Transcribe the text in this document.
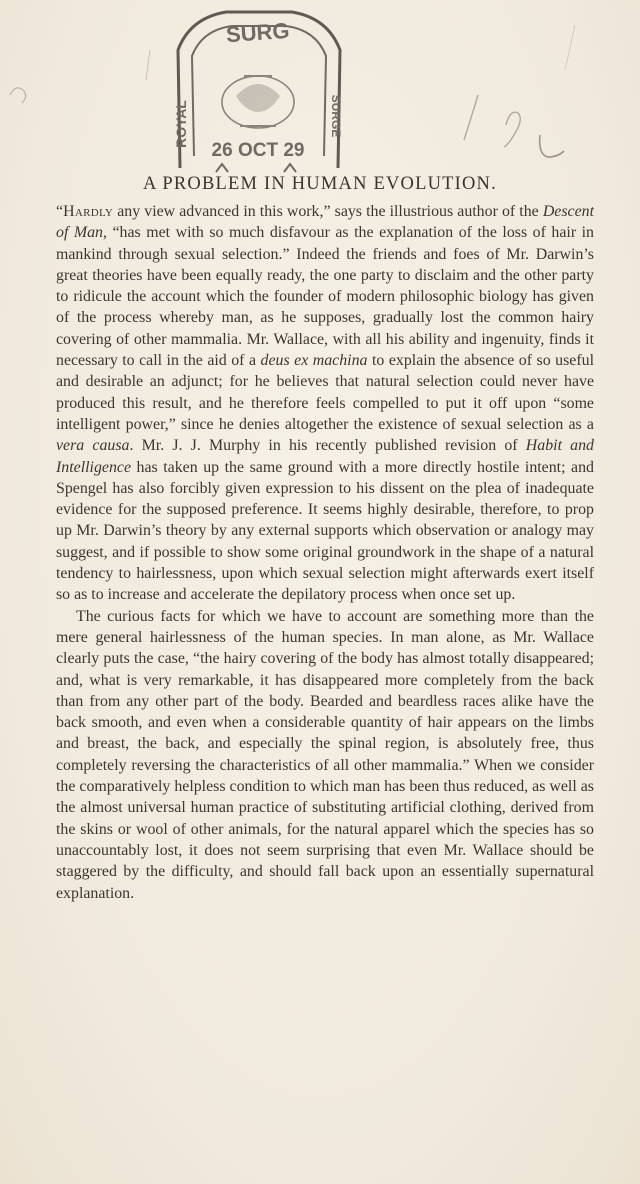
SURG
ROYAL	SURGE
26 OCT 29
A PROBLEM IN HUMAN EVOLUTION.

“Hardly any view advanced in this work,” says the illustrious author of the Descent of Man, “has met with so much disfavour as the explanation of the loss of hair in mankind through sexual selection.” Indeed the friends and foes of Mr. Darwin’s great theories have been equally ready, the one party to disclaim and the other party to ridicule the account which the founder of modern philosophic biology has given of the process whereby man, as he supposes, gradually lost the common hairy covering of other mammalia. Mr. Wallace, with all his ability and ingenuity, finds it necessary to call in the aid of a deus ex machina to explain the absence of so useful and desirable an adjunct; for he believes that natural selection could never have produced this result, and he therefore feels compelled to put it off upon “some intelligent power,” since he denies altogether the existence of sexual selection as a vera causa. Mr. J. J. Murphy in his recently published revision of Habit and Intelligence has taken up the same ground with a more directly hostile intent; and Spengel has also forcibly given expression to his dissent on the plea of inadequate evidence for the supposed preference. It seems highly desirable, therefore, to prop up Mr. Darwin’s theory by any external supports which observation or analogy may suggest, and if possible to show some original groundwork in the shape of a natural tendency to hairlessness, upon which sexual selection might afterwards exert itself so as to increase and accelerate the depilatory process when once set up.

The curious facts for which we have to account are something more than the mere general hairlessness of the human species. In man alone, as Mr. Wallace clearly puts the case, “the hairy covering of the body has almost totally disappeared; and, what is very remarkable, it has disappeared more completely from the back than from any other part of the body. Bearded and beardless races alike have the back smooth, and even when a considerable quantity of hair appears on the limbs and breast, the back, and especially the spinal region, is absolutely free, thus completely reversing the characteristics of all other mammalia.” When we consider the comparatively helpless condition to which man has been thus reduced, as well as the almost universal human practice of substituting artificial clothing, derived from the skins or wool of other animals, for the natural apparel which the species has so unaccountably lost, it does not seem surprising that even Mr. Wallace should be staggered by the difficulty, and should fall back upon an essentially supernatural explanation.
